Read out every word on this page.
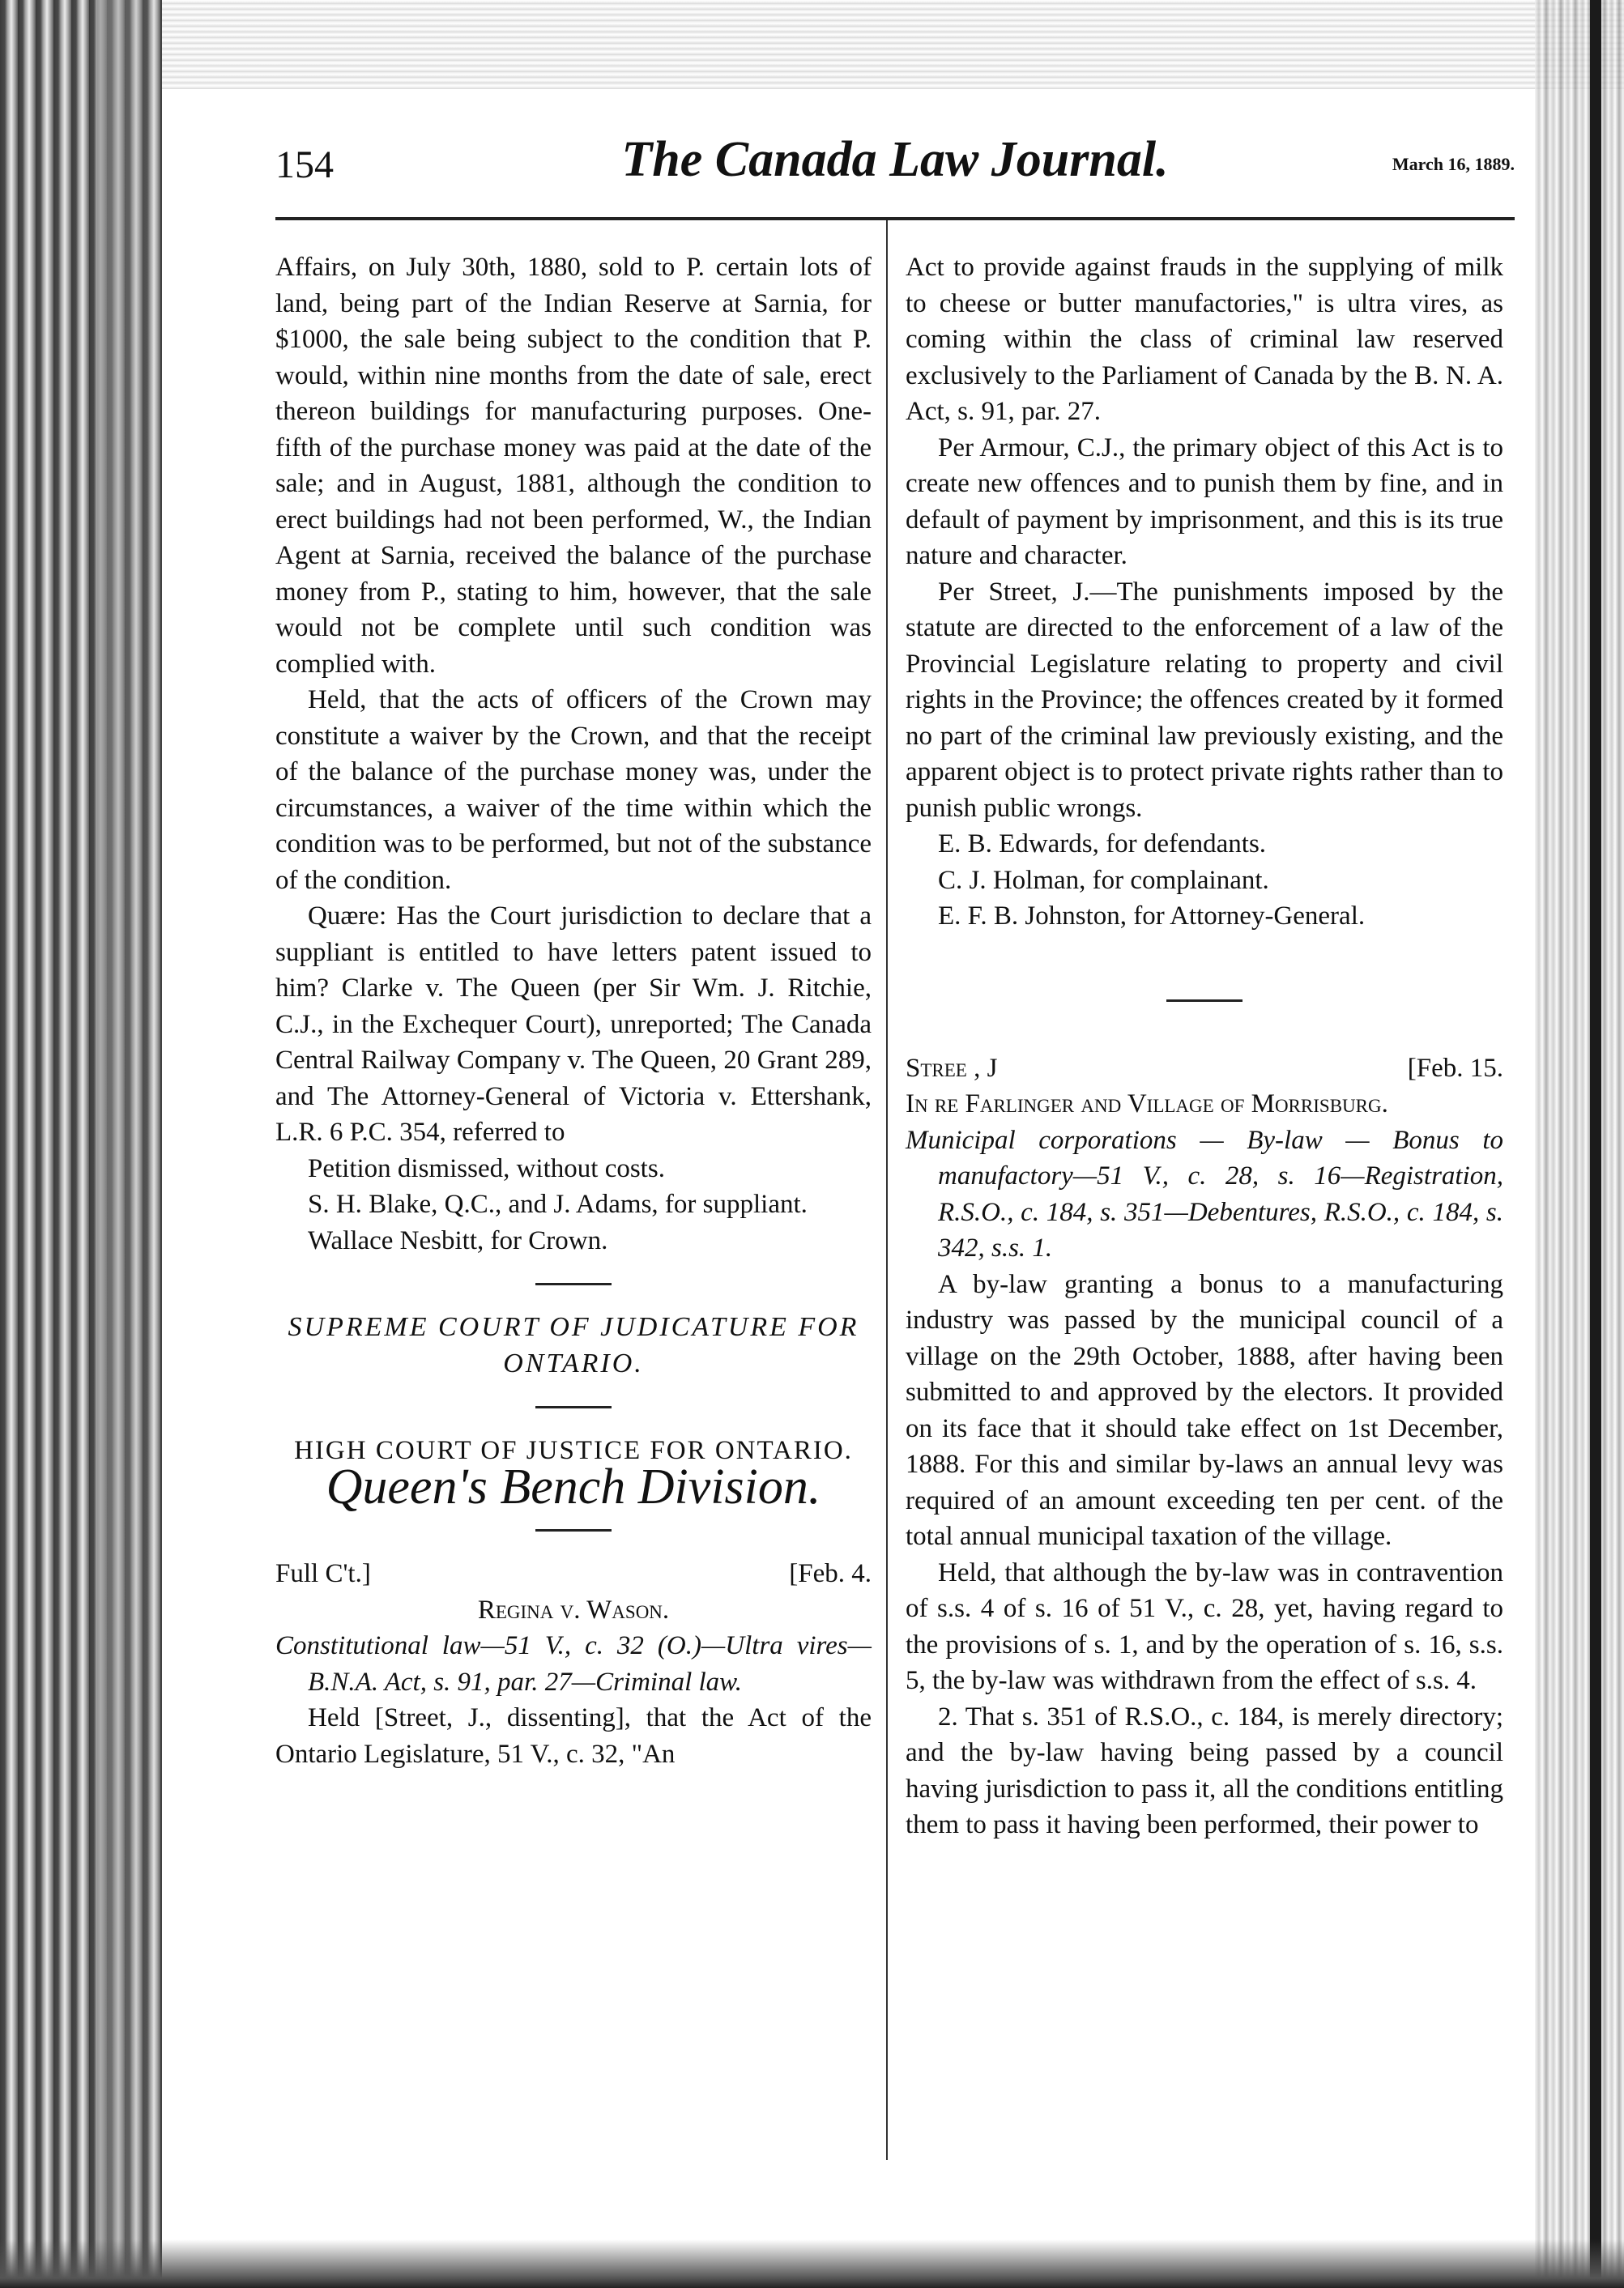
154	The Canada Law Journal.	March 16, 1889.

Affairs, on July 30th, 1880, sold to P. certain lots of land, being part of the Indian Reserve at Sarnia, for $1000, the sale being subject to the condition that P. would, within nine months from the date of sale, erect thereon buildings for manufacturing purposes. One-fifth of the purchase money was paid at the date of the sale; and in August, 1881, although the condition to erect buildings had not been performed, W., the Indian Agent at Sarnia, received the balance of the purchase money from P., stating to him, however, that the sale would not be complete until such condition was complied with.

Held, that the acts of officers of the Crown may constitute a waiver by the Crown, and that the receipt of the balance of the purchase money was, under the circumstances, a waiver of the time within which the condition was to be performed, but not of the substance of the condition.

Quære: Has the Court jurisdiction to declare that a suppliant is entitled to have letters patent issued to him? Clarke v. The Queen (per Sir Wm. J. Ritchie, C.J., in the Exchequer Court), unreported; The Canada Central Railway Company v. The Queen, 20 Grant 289, and The Attorney-General of Victoria v. Ettershank, L.R. 6 P.C. 354, referred to

Petition dismissed, without costs.

S. H. Blake, Q.C., and J. Adams, for suppliant.

Wallace Nesbitt, for Crown.

SUPREME COURT OF JUDICATURE FOR ONTARIO.

HIGH COURT OF JUSTICE FOR ONTARIO.

Queen's Bench Division.

Full C't.]	[Feb. 4.

Regina v. Wason.

Constitutional law—51 V., c. 32 (O.)—Ultra vires—B.N.A. Act, s. 91, par. 27—Criminal law.

Held [Street, J., dissenting], that the Act of the Ontario Legislature, 51 V., c. 32, "An

Act to provide against frauds in the supplying of milk to cheese or butter manufactories," is ultra vires, as coming within the class of criminal law reserved exclusively to the Parliament of Canada by the B. N. A. Act, s. 91, par. 27.

Per Armour, C.J., the primary object of this Act is to create new offences and to punish them by fine, and in default of payment by imprisonment, and this is its true nature and character.

Per Street, J.—The punishments imposed by the statute are directed to the enforcement of a law of the Provincial Legislature relating to property and civil rights in the Province; the offences created by it formed no part of the criminal law previously existing, and the apparent object is to protect private rights rather than to punish public wrongs.

E. B. Edwards, for defendants.

C. J. Holman, for complainant.

E. F. B. Johnston, for Attorney-General.

Stree , J	[Feb. 15.

In re Farlinger and Village of Morrisburg.

Municipal corporations — By-law — Bonus to manufactory—51 V., c. 28, s. 16—Registration, R.S.O., c. 184, s. 351—Debentures, R.S.O., c. 184, s. 342, s.s. 1.

A by-law granting a bonus to a manufacturing industry was passed by the municipal council of a village on the 29th October, 1888, after having been submitted to and approved by the electors. It provided on its face that it should take effect on 1st December, 1888. For this and similar by-laws an annual levy was required of an amount exceeding ten per cent. of the total annual municipal taxation of the village.

Held, that although the by-law was in contravention of s.s. 4 of s. 16 of 51 V., c. 28, yet, having regard to the provisions of s. 1, and by the operation of s. 16, s.s. 5, the by-law was withdrawn from the effect of s.s. 4.

2. That s. 351 of R.S.O., c. 184, is merely directory; and the by-law having being passed by a council having jurisdiction to pass it, all the conditions entitling them to pass it having been performed, their power to
